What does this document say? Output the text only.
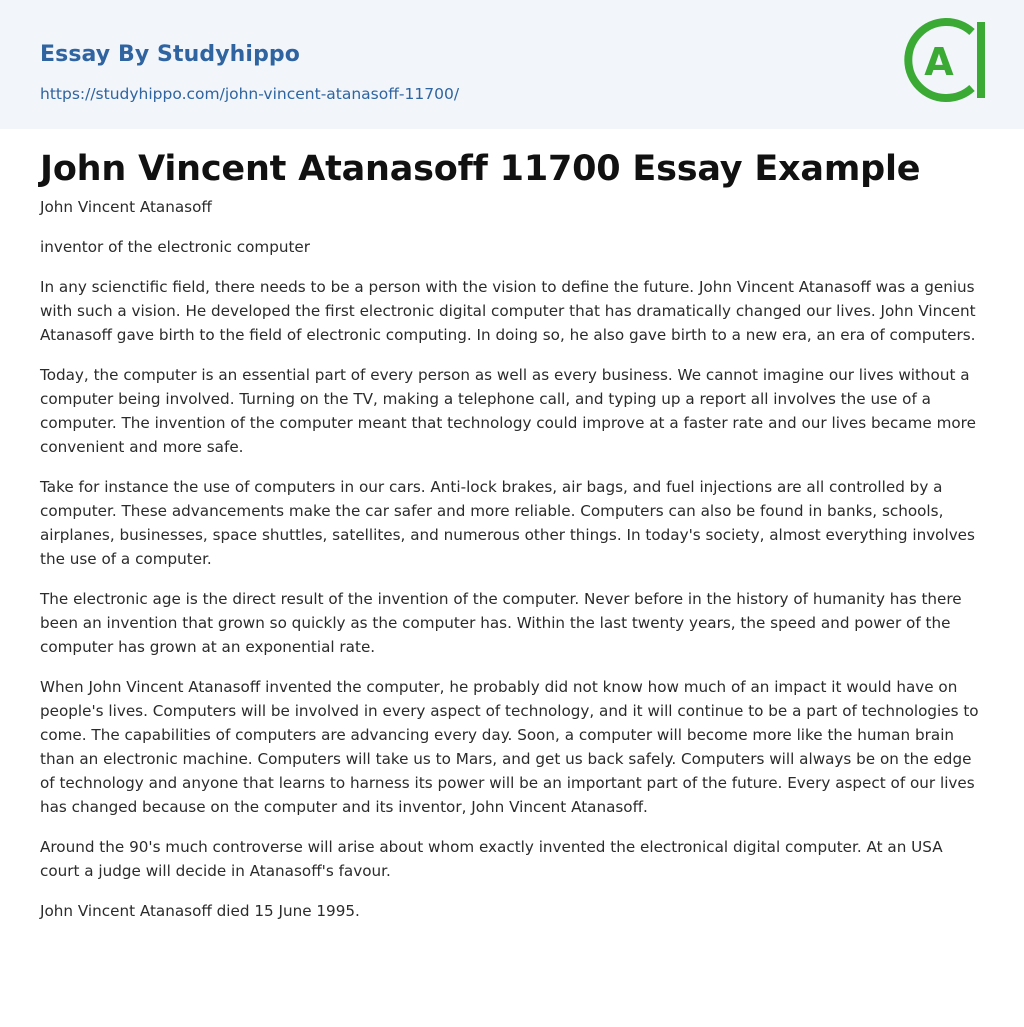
Essay By Studyhippo
https://studyhippo.com/john-vincent-atanasoff-11700/
A
John Vincent Atanasoff 11700 Essay Example

John Vincent Atanasoff

inventor of the electronic computer

In any scienctific field, there needs to be a person with the vision to define the future. John Vincent Atanasoff was a genius with such a vision. He developed the first electronic digital computer that has dramatically changed our lives. John Vincent Atanasoff gave birth to the field of electronic computing. In doing so, he also gave birth to a new era, an era of computers.

Today, the computer is an essential part of every person as well as every business. We cannot imagine our lives without a computer being involved. Turning on the TV, making a telephone call, and typing up a report all involves the use of a computer. The invention of the computer meant that technology could improve at a faster rate and our lives became more convenient and more safe.

Take for instance the use of computers in our cars. Anti-lock brakes, air bags, and fuel injections are all controlled by a computer. These advancements make the car safer and more reliable. Computers can also be found in banks, schools, airplanes, businesses, space shuttles, satellites, and numerous other things. In today's society, almost everything involves the use of a computer.

The electronic age is the direct result of the invention of the computer. Never before in the history of humanity has there been an invention that grown so quickly as the computer has. Within the last twenty years, the speed and power of the computer has grown at an exponential rate.

When John Vincent Atanasoff invented the computer, he probably did not know how much of an impact it would have on people's lives. Computers will be involved in every aspect of technology, and it will continue to be a part of technologies to come. The capabilities of computers are advancing every day. Soon, a computer will become more like the human brain than an electronic machine. Computers will take us to Mars, and get us back safely. Computers will always be on the edge of technology and anyone that learns to harness its power will be an important part of the future. Every aspect of our lives has changed because on the computer and its inventor, John Vincent Atanasoff.

Around the 90's much controverse will arise about whom exactly invented the electronical digital computer. At an USA court a judge will decide in Atanasoff's favour.

John Vincent Atanasoff died 15 June 1995.
